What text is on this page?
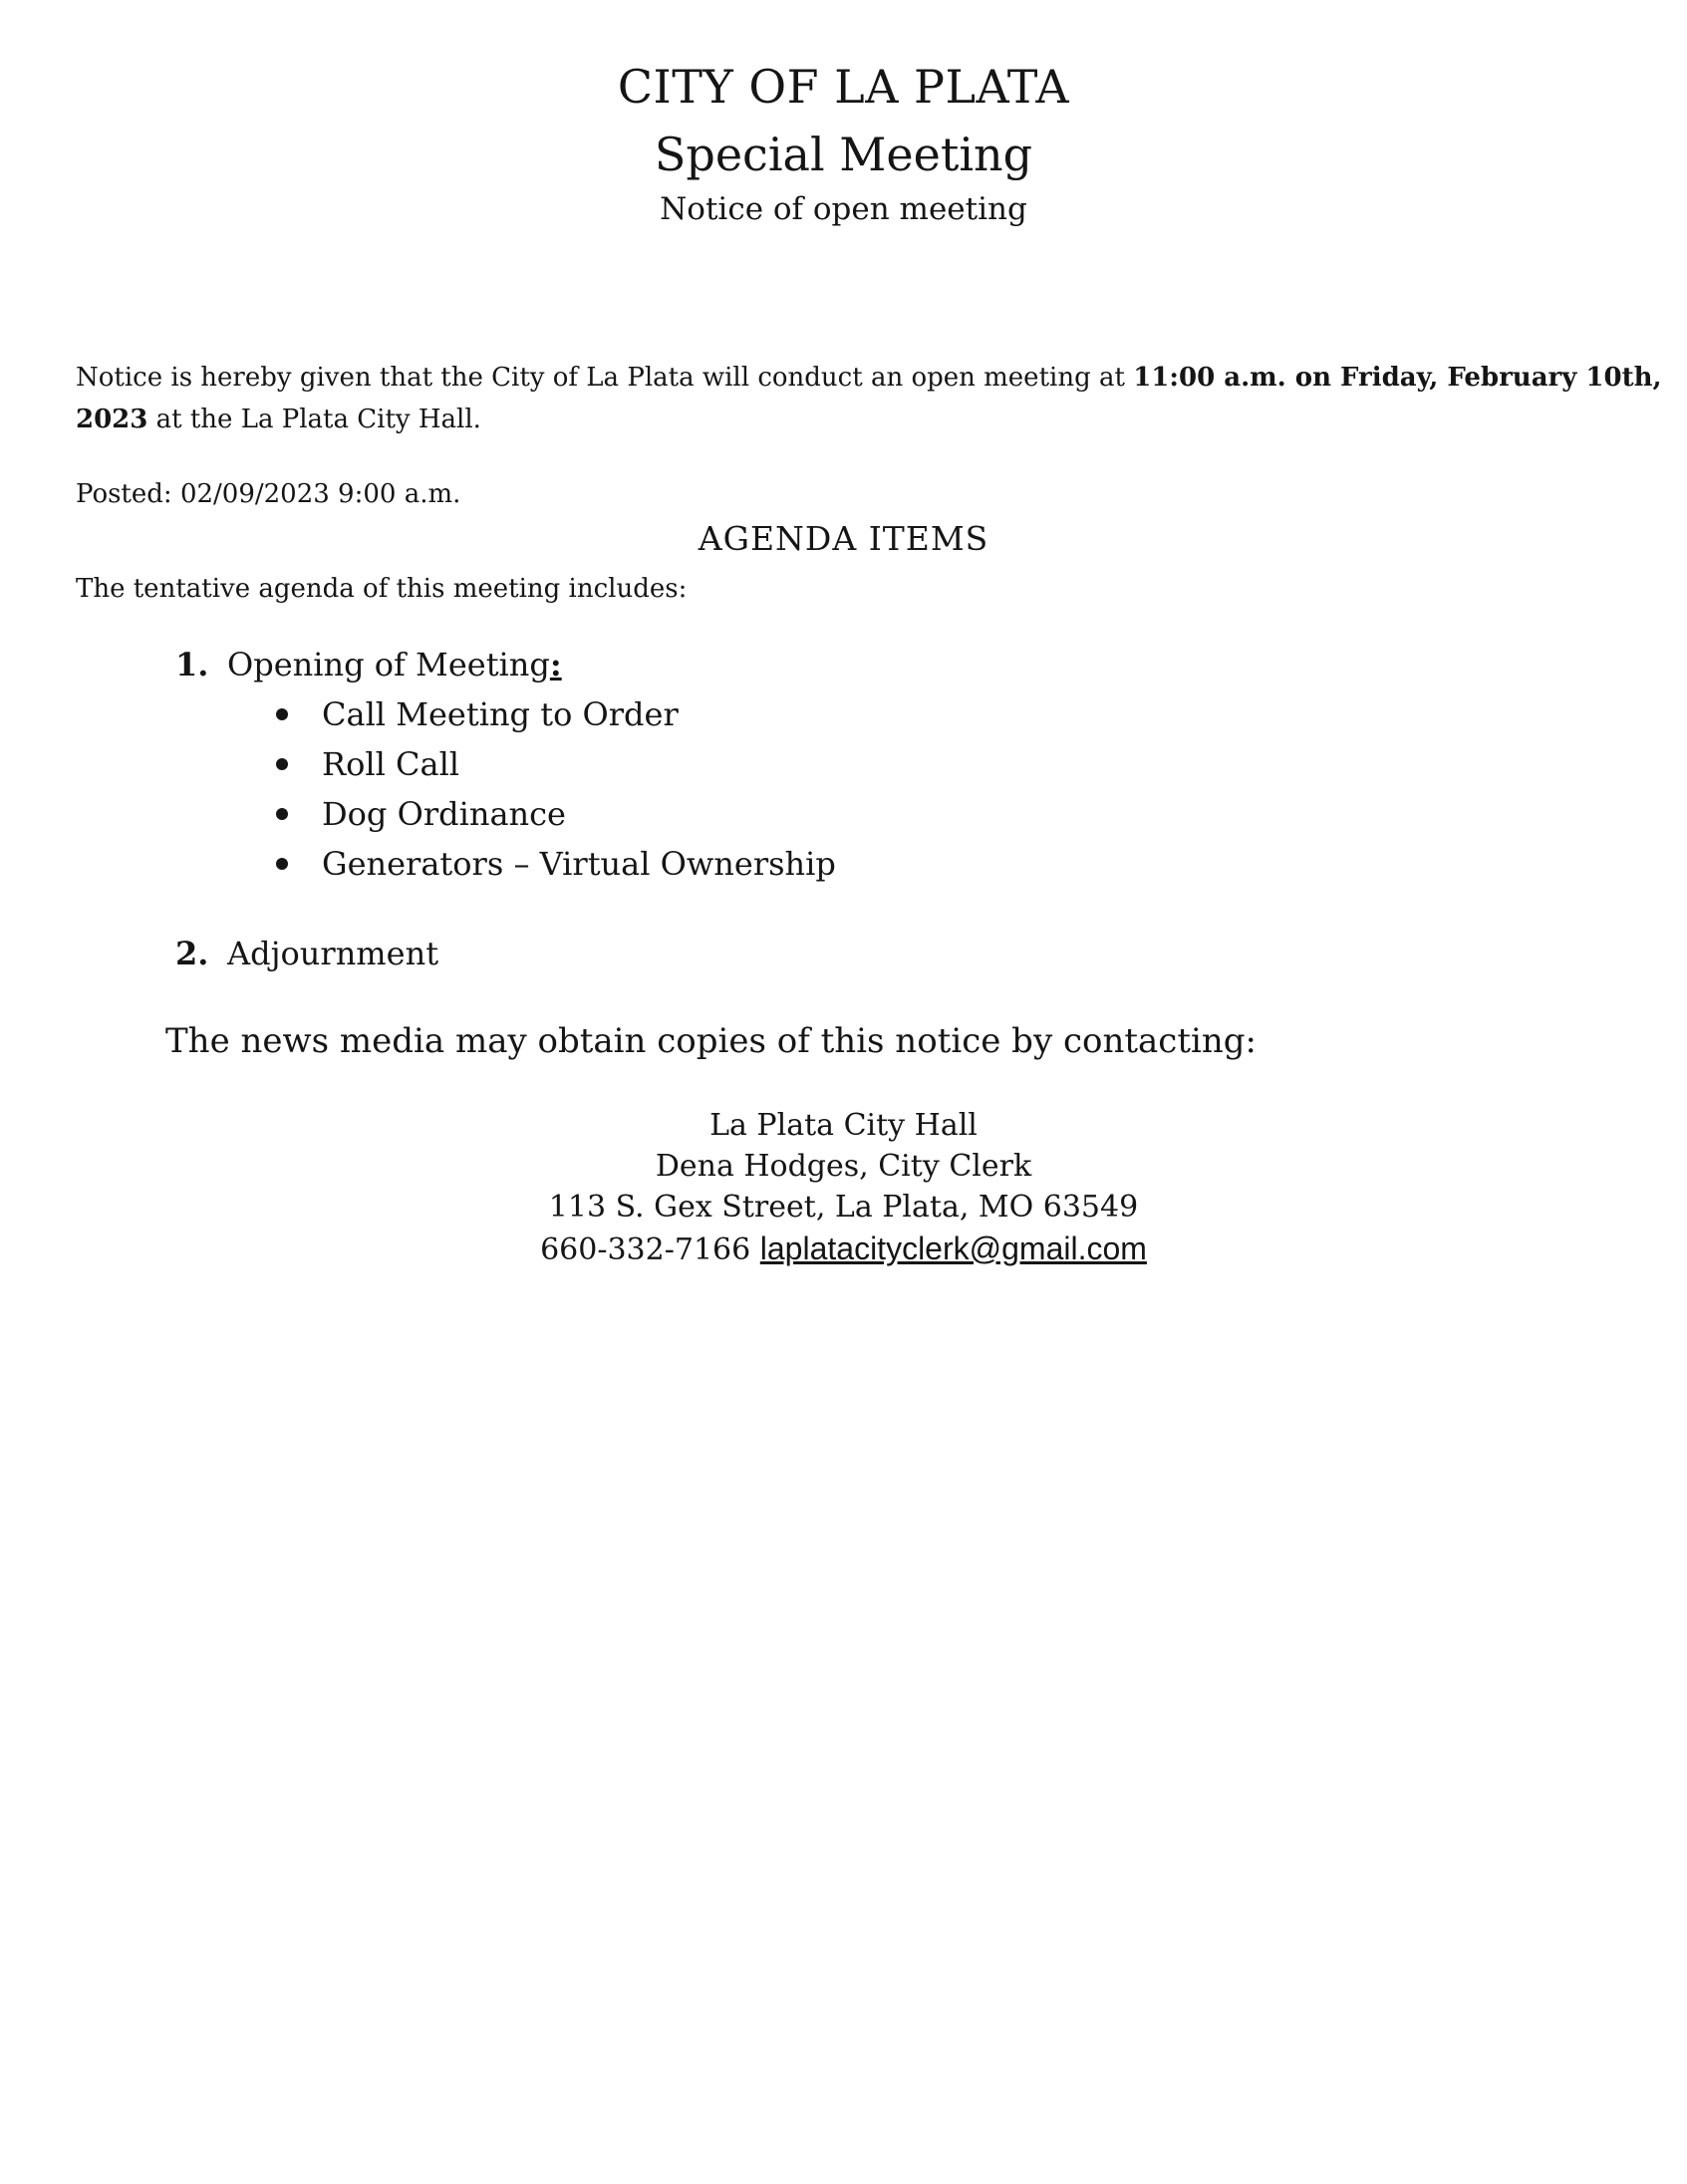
CITY OF LA PLATA
Special Meeting
Notice of open meeting
Notice is hereby given that the City of La Plata will conduct an open meeting at 11:00 a.m. on Friday, February 10th,
2023 at the La Plata City Hall.
Posted: 02/09/2023 9:00 a.m.
AGENDA ITEMS
The tentative agenda of this meeting includes:
1. Opening of Meeting:
Call Meeting to Order
Roll Call
Dog Ordinance
Generators – Virtual Ownership
2. Adjournment
The news media may obtain copies of this notice by contacting:
La Plata City Hall
Dena Hodges, City Clerk
113 S. Gex Street, La Plata, MO 63549
660-332-7166 laplatacityclerk@gmail.com
